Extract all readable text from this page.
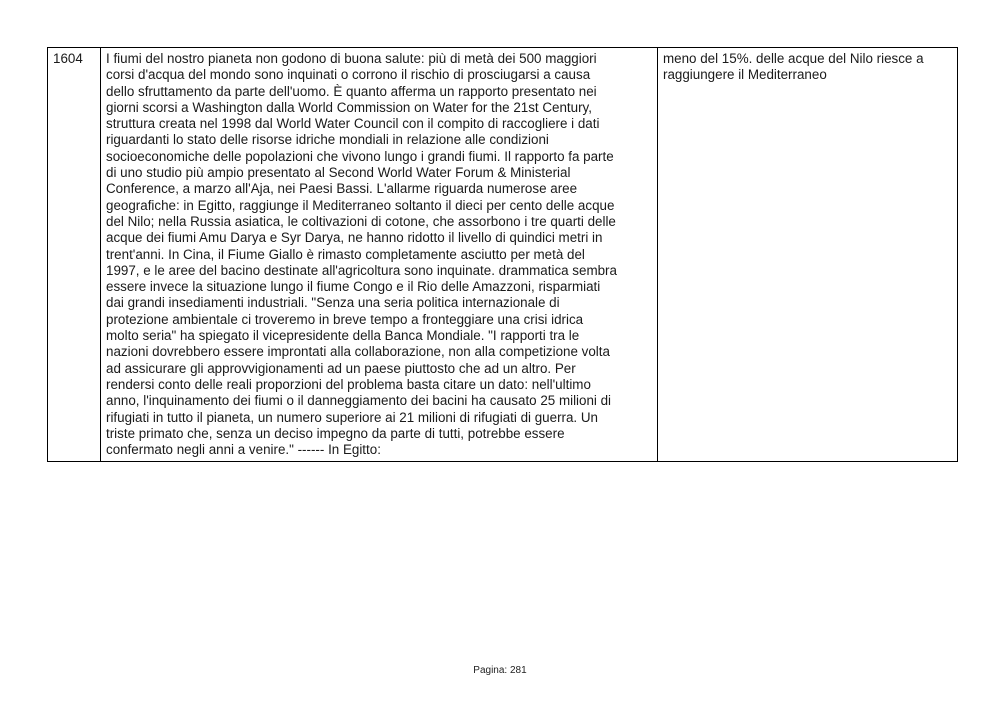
1604	I fiumi del nostro pianeta non godono di buona salute: più di metà dei 500 maggiori
corsi d'acqua del mondo sono inquinati o corrono il rischio di prosciugarsi a causa
dello sfruttamento da parte dell'uomo. È quanto afferma un rapporto presentato nei
giorni scorsi a Washington dalla World Commission on Water for the 21st Century,
struttura creata nel 1998 dal World Water Council con il compito di raccogliere i dati
riguardanti lo stato delle risorse idriche mondiali in relazione alle condizioni
socioeconomiche delle popolazioni che vivono lungo i grandi fiumi. Il rapporto fa parte
di uno studio più ampio presentato al Second World Water Forum & Ministerial
Conference, a marzo all'Aja, nei Paesi Bassi. L'allarme riguarda numerose aree
geografiche: in Egitto, raggiunge il Mediterraneo soltanto il dieci per cento delle acque
del Nilo; nella Russia asiatica, le coltivazioni di cotone, che assorbono i tre quarti delle
acque dei fiumi Amu Darya e Syr Darya, ne hanno ridotto il livello di quindici metri in
trent'anni. In Cina, il Fiume Giallo è rimasto completamente asciutto per metà del
1997, e le aree del bacino destinate all'agricoltura sono inquinate. drammatica sembra
essere invece la situazione lungo il fiume Congo e il Rio delle Amazzoni, risparmiati
dai grandi insediamenti industriali. "Senza una seria politica internazionale di
protezione ambientale ci troveremo in breve tempo a fronteggiare una crisi idrica
molto seria" ha spiegato il vicepresidente della Banca Mondiale. "I rapporti tra le
nazioni dovrebbero essere improntati alla collaborazione, non alla competizione volta
ad assicurare gli approvvigionamenti ad un paese piuttosto che ad un altro. Per
rendersi conto delle reali proporzioni del problema basta citare un dato: nell'ultimo
anno, l'inquinamento dei fiumi o il danneggiamento dei bacini ha causato 25 milioni di
rifugiati in tutto il pianeta, un numero superiore ai 21 milioni di rifugiati di guerra. Un
triste primato che, senza un deciso impegno da parte di tutti, potrebbe essere
confermato negli anni a venire." ------ In Egitto:	meno del 15%. delle acque del Nilo riesce a
raggiungere il Mediterraneo
Pagina: 281
